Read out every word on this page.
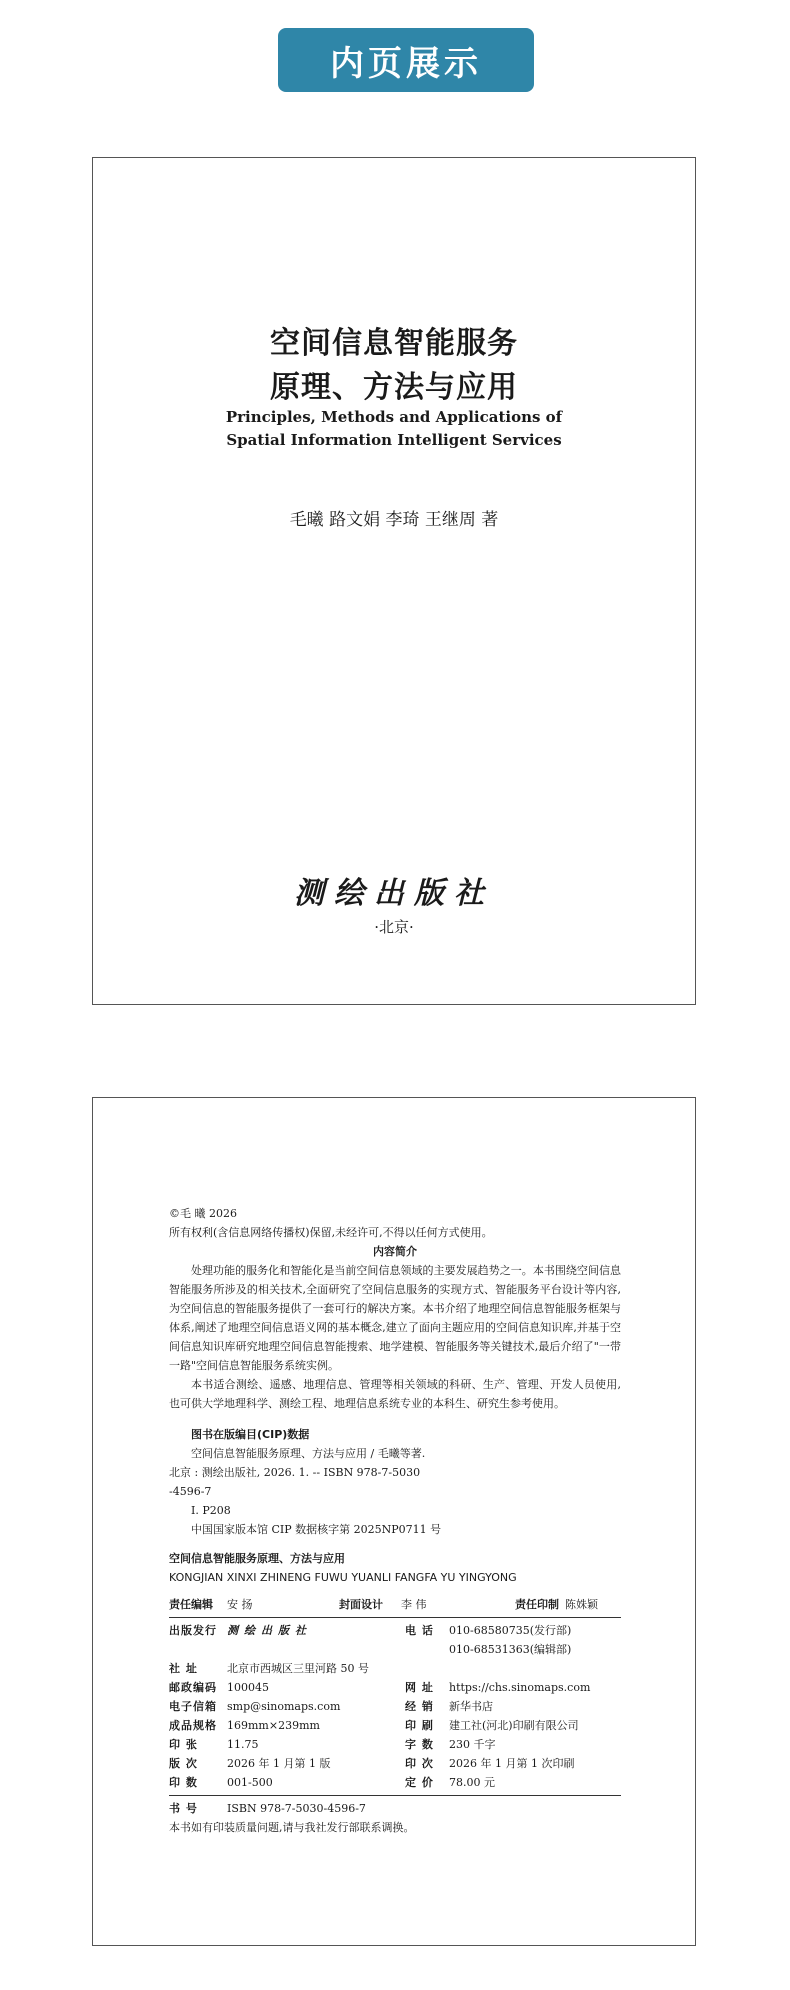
内页展示
空间信息智能服务
原理、方法与应用
Principles, Methods and Applications of
Spatial Information Intelligent Services
毛曦 路文娟 李琦 王继周 著
测绘出版社
·北京·

©毛 曦 2026

所有权利(含信息网络传播权)保留,未经许可,不得以任何方式使用。

内容简介

处理功能的服务化和智能化是当前空间信息领域的主要发展趋势之一。本书围绕空间信息智能服务所涉及的相关技术,全面研究了空间信息服务的实现方式、智能服务平台设计等内容,为空间信息的智能服务提供了一套可行的解决方案。本书介绍了地理空间信息智能服务框架与体系,阐述了地理空间信息语义网的基本概念,建立了面向主题应用的空间信息知识库,并基于空间信息知识库研究地理空间信息智能搜索、地学建模、智能服务等关键技术,最后介绍了"一带一路"空间信息智能服务系统实例。

本书适合测绘、遥感、地理信息、管理等相关领域的科研、生产、管理、开发人员使用,也可供大学地理科学、测绘工程、地理信息系统专业的本科生、研究生参考使用。

图书在版编目(CIP)数据

空间信息智能服务原理、方法与应用 / 毛曦等著.

北京 : 测绘出版社, 2026. 1. -- ISBN 978-7-5030

-4596-7

Ⅰ. P208

中国国家版本馆 CIP 数据核字第 2025NP0711 号

空间信息智能服务原理、方法与应用

KONGJIAN XINXI ZHINENG FUWU YUANLI FANGFA YU YINGYONG

责任编辑	安 扬	封面设计	李 伟	责任印制 陈姝颖
出版发行 测绘出版社	电 话	010-68580735(发行部)
010-68531363(编辑部)
社 址	北京市西城区三里河路 50 号
邮政编码 100045	网 址	https://chs.sinomaps.com
电子信箱 smp@sinomaps.com	经 销	新华书店
成品规格 169mm×239mm	印 刷	建工社(河北)印刷有限公司
印 张	11.75	字 数	230 千字
版 次	2026 年 1 月第 1 版	印 次	2026 年 1 月第 1 次印刷
印 数	001-500	定 价	78.00 元
书 号	ISBN 978-7-5030-4596-7

本书如有印装质量问题,请与我社发行部联系调换。
